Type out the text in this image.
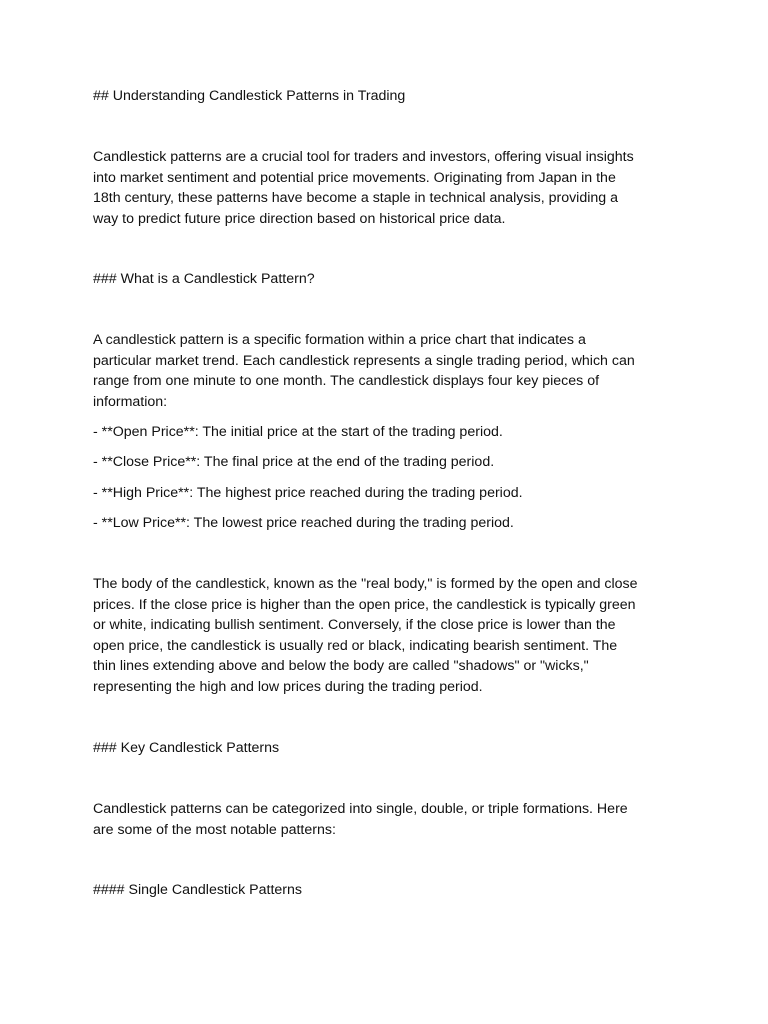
## Understanding Candlestick Patterns in Trading
Candlestick patterns are a crucial tool for traders and investors, offering visual insights
into market sentiment and potential price movements. Originating from Japan in the
18th century, these patterns have become a staple in technical analysis, providing a
way to predict future price direction based on historical price data.
### What is a Candlestick Pattern?
A candlestick pattern is a specific formation within a price chart that indicates a
particular market trend. Each candlestick represents a single trading period, which can
range from one minute to one month. The candlestick displays four key pieces of
information:
- **Open Price**: The initial price at the start of the trading period.
- **Close Price**: The final price at the end of the trading period.
- **High Price**: The highest price reached during the trading period.
- **Low Price**: The lowest price reached during the trading period.
The body of the candlestick, known as the "real body," is formed by the open and close
prices. If the close price is higher than the open price, the candlestick is typically green
or white, indicating bullish sentiment. Conversely, if the close price is lower than the
open price, the candlestick is usually red or black, indicating bearish sentiment. The
thin lines extending above and below the body are called "shadows" or "wicks,"
representing the high and low prices during the trading period.
### Key Candlestick Patterns
Candlestick patterns can be categorized into single, double, or triple formations. Here
are some of the most notable patterns:
#### Single Candlestick Patterns
